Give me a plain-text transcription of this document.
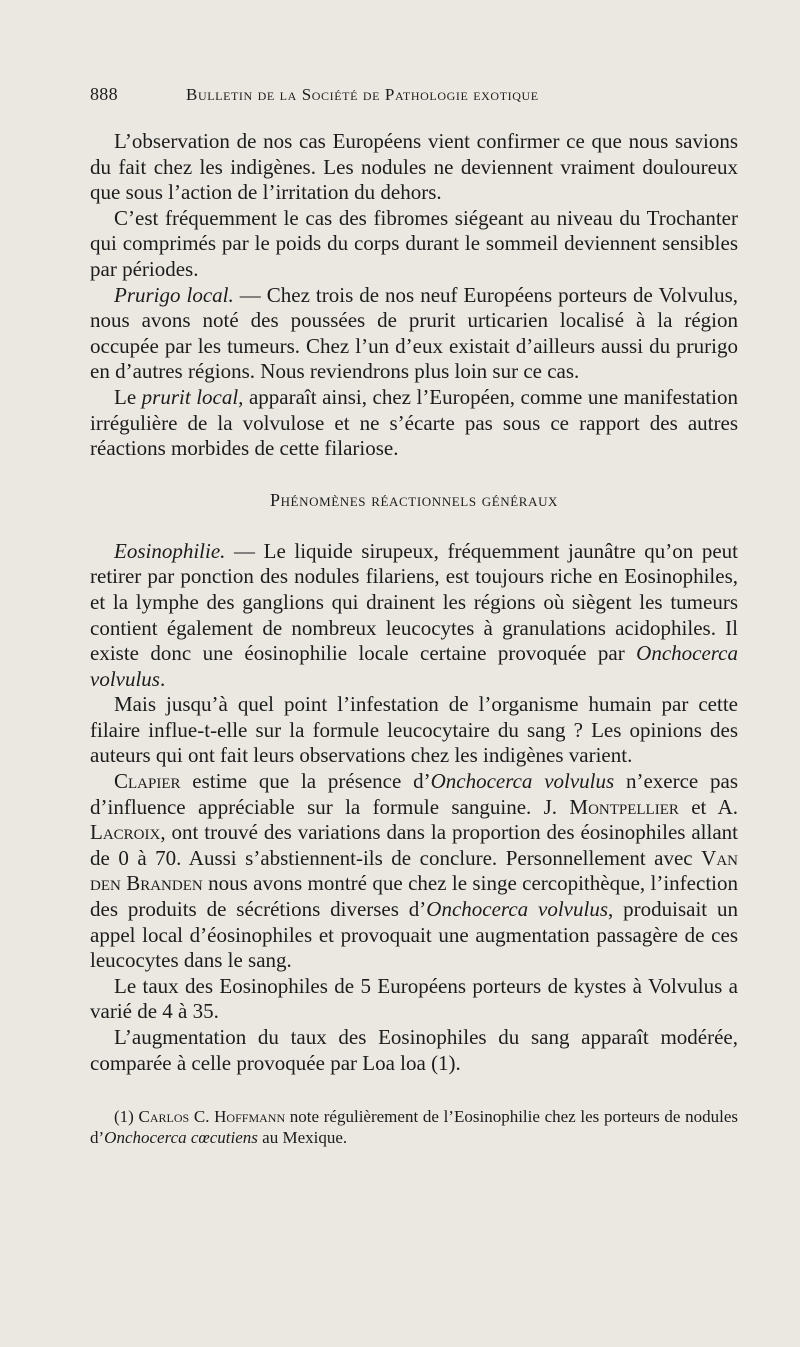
888	Bulletin de la Société de Pathologie exotique

L’observation de nos cas Européens vient confirmer ce que nous savions du fait chez les indigènes. Les nodules ne deviennent vraiment douloureux que sous l’action de l’irritation du dehors.

C’est fréquemment le cas des fibromes siégeant au niveau du Trochanter qui comprimés par le poids du corps durant le sommeil deviennent sensibles par périodes.

Prurigo local. — Chez trois de nos neuf Européens porteurs de Volvulus, nous avons noté des poussées de prurit urticarien localisé à la région occupée par les tumeurs. Chez l’un d’eux existait d’ailleurs aussi du prurigo en d’autres régions. Nous reviendrons plus loin sur ce cas.

Le prurit local, apparaît ainsi, chez l’Européen, comme une manifestation irrégulière de la volvulose et ne s’écarte pas sous ce rapport des autres réactions morbides de cette filariose.

Phénomènes réactionnels généraux

Eosinophilie. — Le liquide sirupeux, fréquemment jaunâtre qu’on peut retirer par ponction des nodules filariens, est toujours riche en Eosinophiles, et la lymphe des ganglions qui drainent les régions où siègent les tumeurs contient également de nombreux leucocytes à granulations acidophiles. Il existe donc une éosinophilie locale certaine provoquée par Onchocerca volvulus.

Mais jusqu’à quel point l’infestation de l’organisme humain par cette filaire influe-t-elle sur la formule leucocytaire du sang ? Les opinions des auteurs qui ont fait leurs observations chez les indigènes varient.

Clapier estime que la présence d’Onchocerca volvulus n’exerce pas d’influence appréciable sur la formule sanguine. J. Montpellier et A. Lacroix, ont trouvé des variations dans la proportion des éosinophiles allant de 0 à 70. Aussi s’abstiennent-ils de conclure. Personnellement avec Van den Branden nous avons montré que chez le singe cercopithèque, l’infection des produits de sécrétions diverses d’Onchocerca volvulus, produisait un appel local d’éosinophiles et provoquait une augmentation passagère de ces leucocytes dans le sang.

Le taux des Eosinophiles de 5 Européens porteurs de kystes à Volvulus a varié de 4 à 35.

L’augmentation du taux des Eosinophiles du sang apparaît modérée, comparée à celle provoquée par Loa loa (1).

(1) Carlos C. Hoffmann note régulièrement de l’Eosinophilie chez les porteurs de nodules d’Onchocerca cœcutiens au Mexique.
